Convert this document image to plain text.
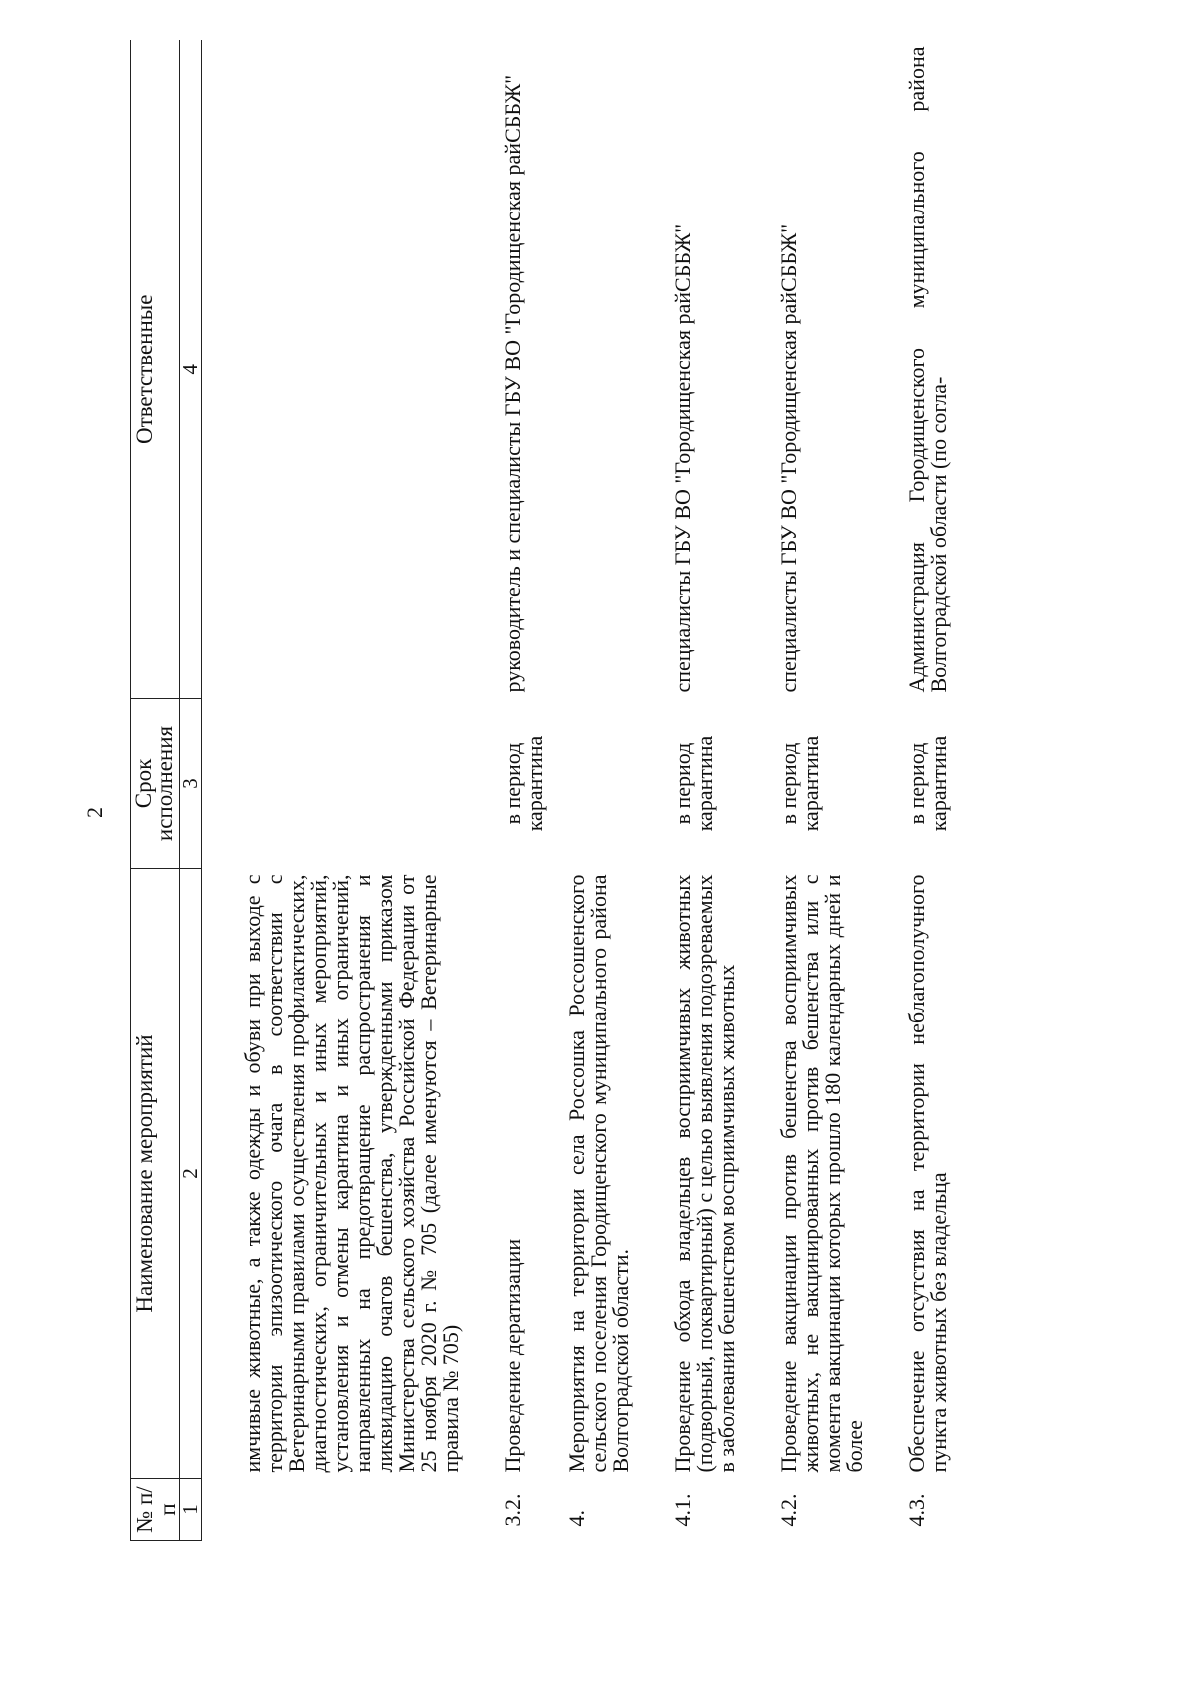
2
№ п/п	Наименование мероприятий	Срок исполнения	Ответственные
1	2	3	4

	имчивые животные, а также одежды и обуви при выходе с территории эпизоотического очага в соответствии с Ветеринарными правилами осуществления профилактических, диагностических, ограничительных и иных мероприятий, установления и отмены карантина и иных ограничений, направленных на предотвращение распространения и ликвидацию очагов бешенства, утвержденными приказом Министерства сельского хозяйства Российской Федерации от 25 ноября 2020 г. № 705 (далее именуются – Ветеринарные правила № 705)		

3.2.	Проведение дератизации	в период карантина	руководитель и специалисты ГБУ ВО "Городищенская райСББЖ"

4.	Мероприятия на территории села Россошка Россошенского сельского поселения Городищенского муниципального района Волгоградской области.		

4.1.	Проведение обхода владельцев восприимчивых животных (подворный, поквартирный) с целью выявления подозреваемых в заболевании бешенством восприимчивых животных	в период карантина	специалисты ГБУ ВО "Городищенская райСББЖ"

4.2.	Проведение вакцинации против бешенства восприимчивых животных, не вакцинированных против бешенства или с момента вакцинации которых прошло 180 календарных дней и более	в период карантина	специалисты ГБУ ВО "Городищенская райСББЖ"

4.3.	Обеспечение отсутствия на территории неблагополучного пункта животных без владельца	в период карантина	Администрация Городищенского муниципального района Волгоградской области (по согла-
